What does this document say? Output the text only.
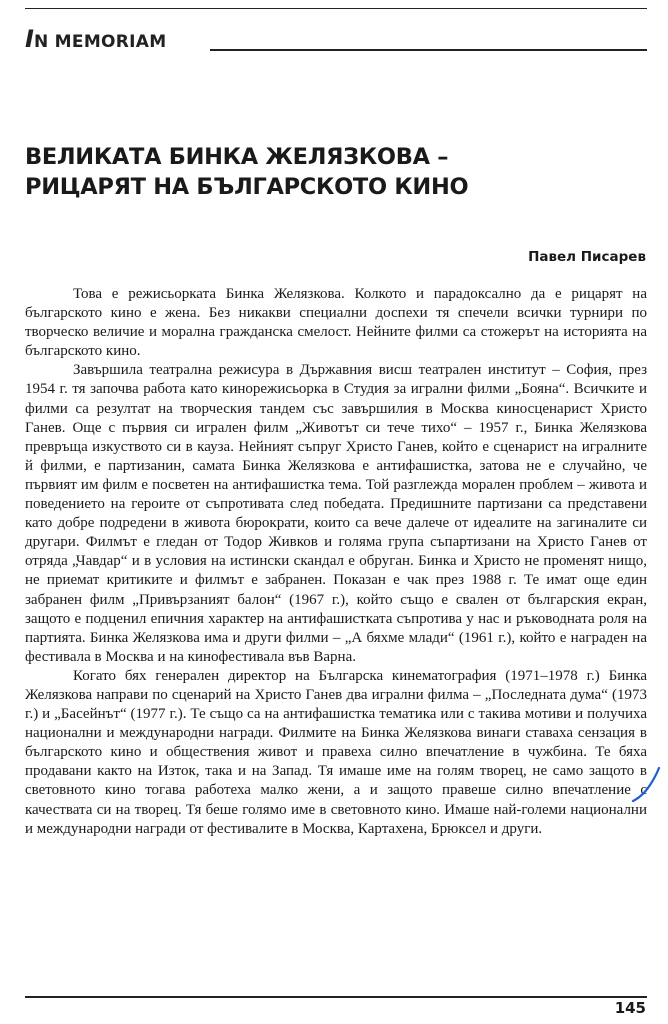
IN MEMORIAM
ВЕЛИКАТА БИНКА ЖЕЛЯЗКОВА –
РИЦАРЯТ НА БЪЛГАРСКОТО КИНО
Павел Писарев

Това е режисьорката Бинка Желязкова. Колкото и парадоксално да е рицарят на българското кино е жена. Без никакви специални доспехи тя спечели всички турнири по творческо величие и морална гражданска смелост. Нейните филми са стожерът на историята на българското кино.

Завършила театрална режисура в Държавния висш театрален институт – София, през 1954 г. тя започва работа като кинорежисьорка в Студия за игрални филми „Бояна“. Всичките и филми са резултат на творческия тандем със завършилия в Москва киносценарист Христо Ганев. Още с първия си игрален филм „Животът си тече тихо“ – 1957 г., Бинка Желязкова превръща изкуството си в кауза. Нейният съпруг Христо Ганев, който е сценарист на игралните й филми, е партизанин, самата Бинка Желязкова е антифашистка, затова не е случайно, че първият им филм е посветен на антифашистка тема. Той разглежда морален проблем – живота и поведението на героите от съпротивата след победата. Предишните партизани са представени като добре подредени в живота бюрократи, които са вече далече от идеалите на загиналите си другари. Филмът е гледан от Тодор Живков и голяма група съпартизани на Христо Ганев от отряда „Чавдар“ и в условия на истински скандал е обруган. Бинка и Христо не променят нищо, не приемат критиките и филмът е забранен. Показан е чак през 1988 г. Те имат още един забранен филм „Привързаният балон“ (1967 г.), който също е свален от българския екран, защото е подценил епичния характер на антифашистката съпротива у нас и ръководната роля на партията. Бинка Желязкова има и други филми – „А бяхме млади“ (1961 г.), който е награден на фестивала в Москва и на кинофестивала във Варна.

Когато бях генерален директор на Българска кинематография (1971–1978 г.) Бинка Желязкова направи по сценарий на Христо Ганев два игрални филма – „Последната дума“ (1973 г.) и „Басейнът“ (1977 г.). Те също са на антифашистка тематика или с такива мотиви и получиха национални и международни награди. Филмите на Бинка Желязкова винаги ставаха сензация в българското кино и обществения живот и правеха силно впечатление в чужбина. Те бяха продавани както на Изток, така и на Запад. Тя имаше име на голям творец, не само защото в световното кино тогава работеха малко жени, а и защото правеше силно впечатление с качествата си на творец. Тя беше голямо име в световното кино. Имаше най-големи национални и международни награди от фестивалите в Москва, Картахена, Брюксел и други.

145
